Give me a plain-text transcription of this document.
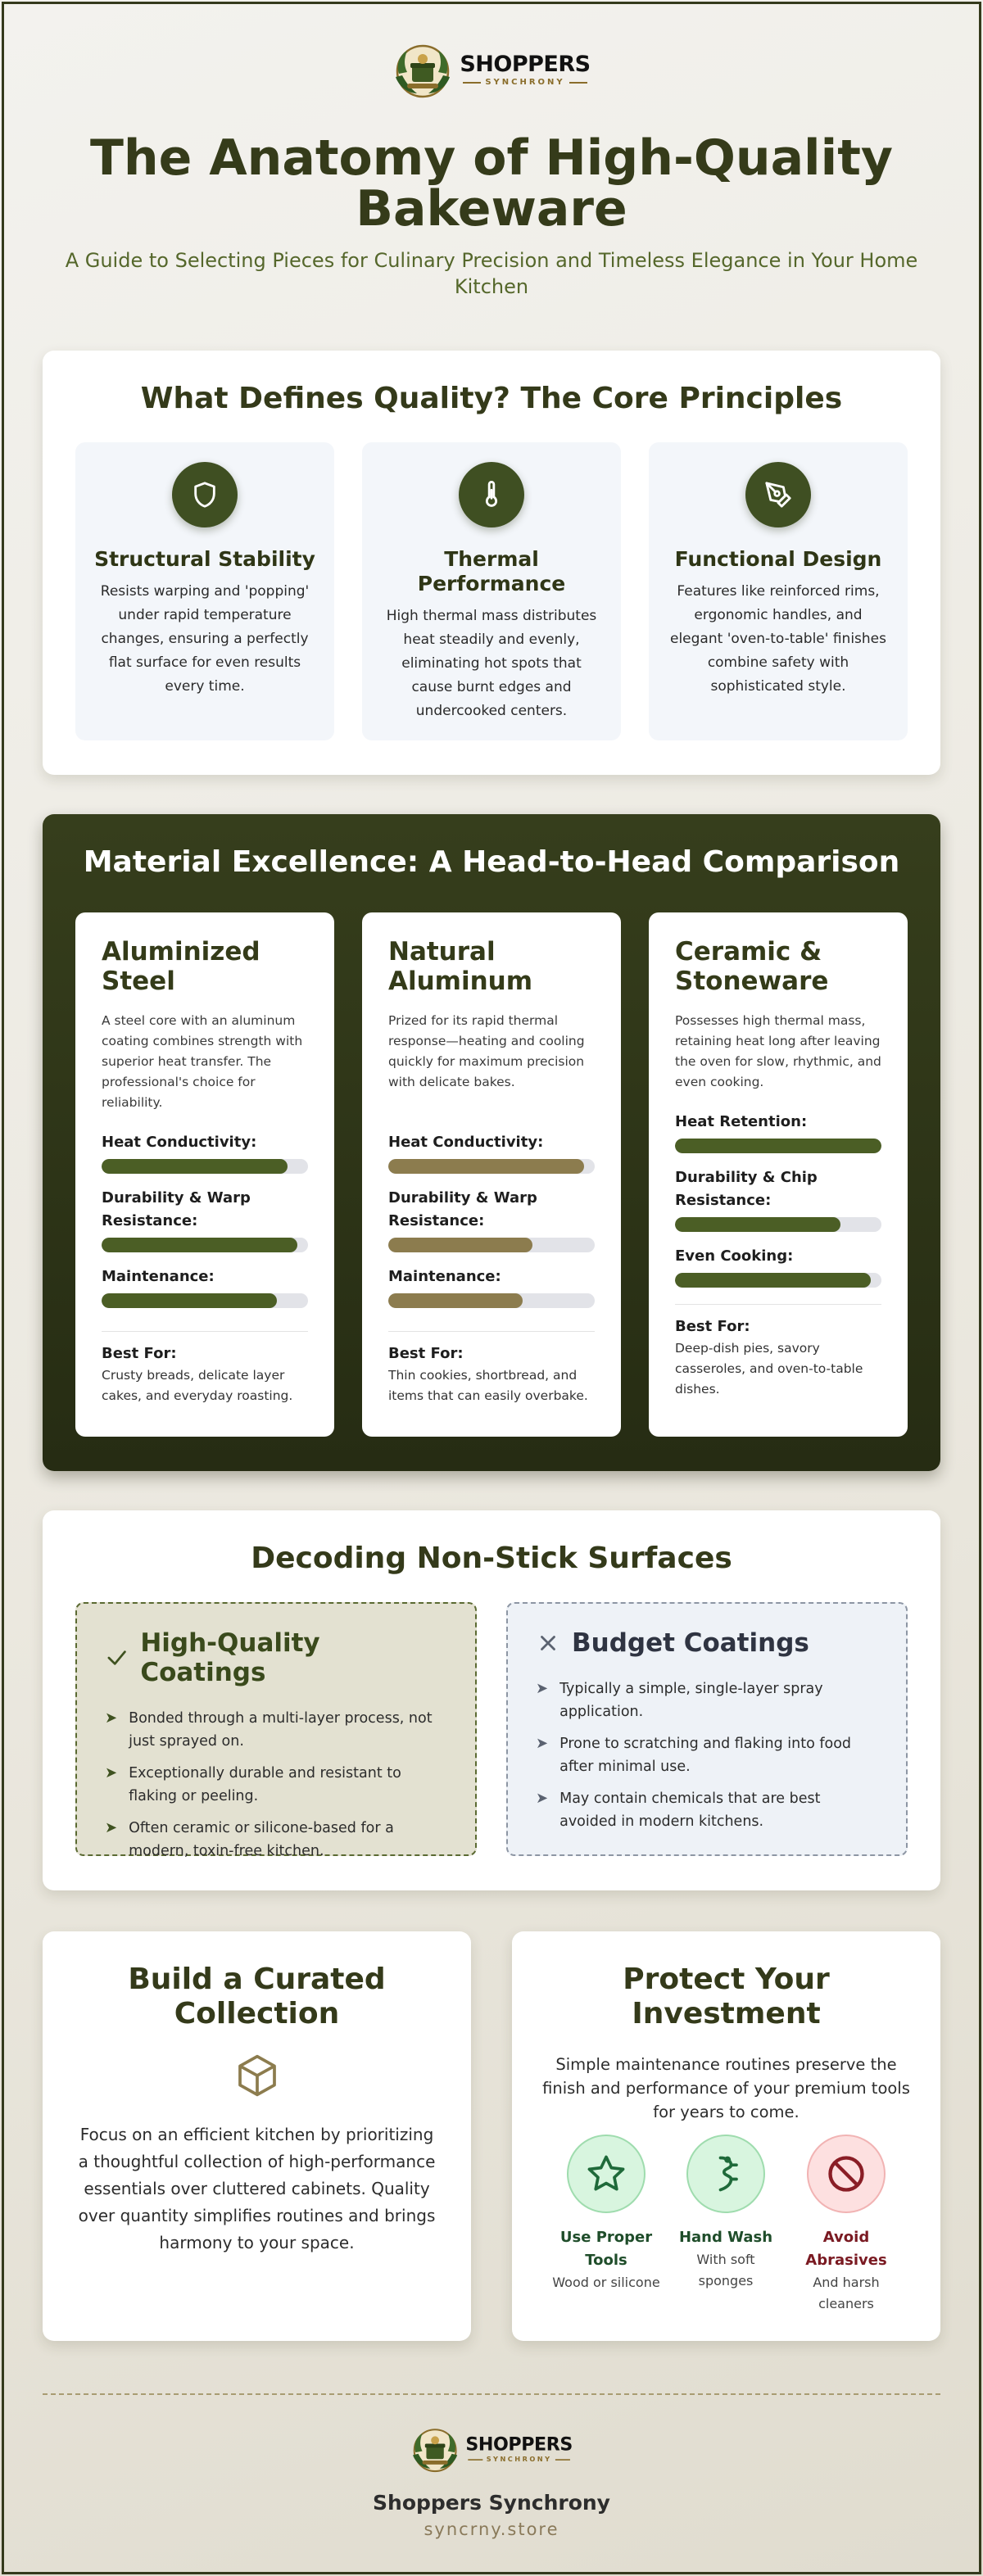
SHOPPERS
SYNCHRONY
The Anatomy of High-Quality Bakeware

A Guide to Selecting Pieces for Culinary Precision and Timeless Elegance in Your Home Kitchen

What Defines Quality? The Core Principles
Structural Stability
Resists warping and 'popping' under rapid temperature changes, ensuring a perfectly flat surface for even results every time.
Thermal Performance
High thermal mass distributes heat steadily and evenly, eliminating hot spots that cause burnt edges and undercooked centers.
Functional Design
Features like reinforced rims, ergonomic handles, and elegant 'oven-to-table' finishes combine safety with sophisticated style.
Material Excellence: A Head-to-Head Comparison
Aluminized Steel
A steel core with an aluminum coating combines strength with superior heat transfer. The professional's choice for reliability.
Heat Conductivity:
Durability & Warp Resistance:
Maintenance:
Best For:
Crusty breads, delicate layer cakes, and everyday roasting.
Natural Aluminum
Prized for its rapid thermal response—heating and cooling quickly for maximum precision with delicate bakes.
Heat Conductivity:
Durability & Warp Resistance:
Maintenance:
Best For:
Thin cookies, shortbread, and items that can easily overbake.
Ceramic & Stoneware
Possesses high thermal mass, retaining heat long after leaving the oven for slow, rhythmic, and even cooking.
Heat Retention:
Durability & Chip Resistance:
Even Cooking:
Best For:
Deep-dish pies, savory casseroles, and oven-to-table dishes.
Decoding Non-Stick Surfaces
High-Quality Coatings
➤ Bonded through a multi-layer process, not just sprayed on.
➤ Exceptionally durable and resistant to flaking or peeling.
➤ Often ceramic or silicone-based for a modern, toxin-free kitchen.
Budget Coatings
➤ Typically a simple, single-layer spray application.
➤ Prone to scratching and flaking into food after minimal use.
➤ May contain chemicals that are best avoided in modern kitchens.
Build a Curated Collection

Focus on an efficient kitchen by prioritizing a thoughtful collection of high-performance essentials over cluttered cabinets. Quality over quantity simplifies routines and brings harmony to your space.

Protect Your Investment

Simple maintenance routines preserve the finish and performance of your premium tools for years to come.

Use Proper Tools
Wood or silicone
Hand Wash
With soft sponges
Avoid Abrasives
And harsh cleaners
SHOPPERS
SYNCHRONY
Shoppers Synchrony
syncrny.store
